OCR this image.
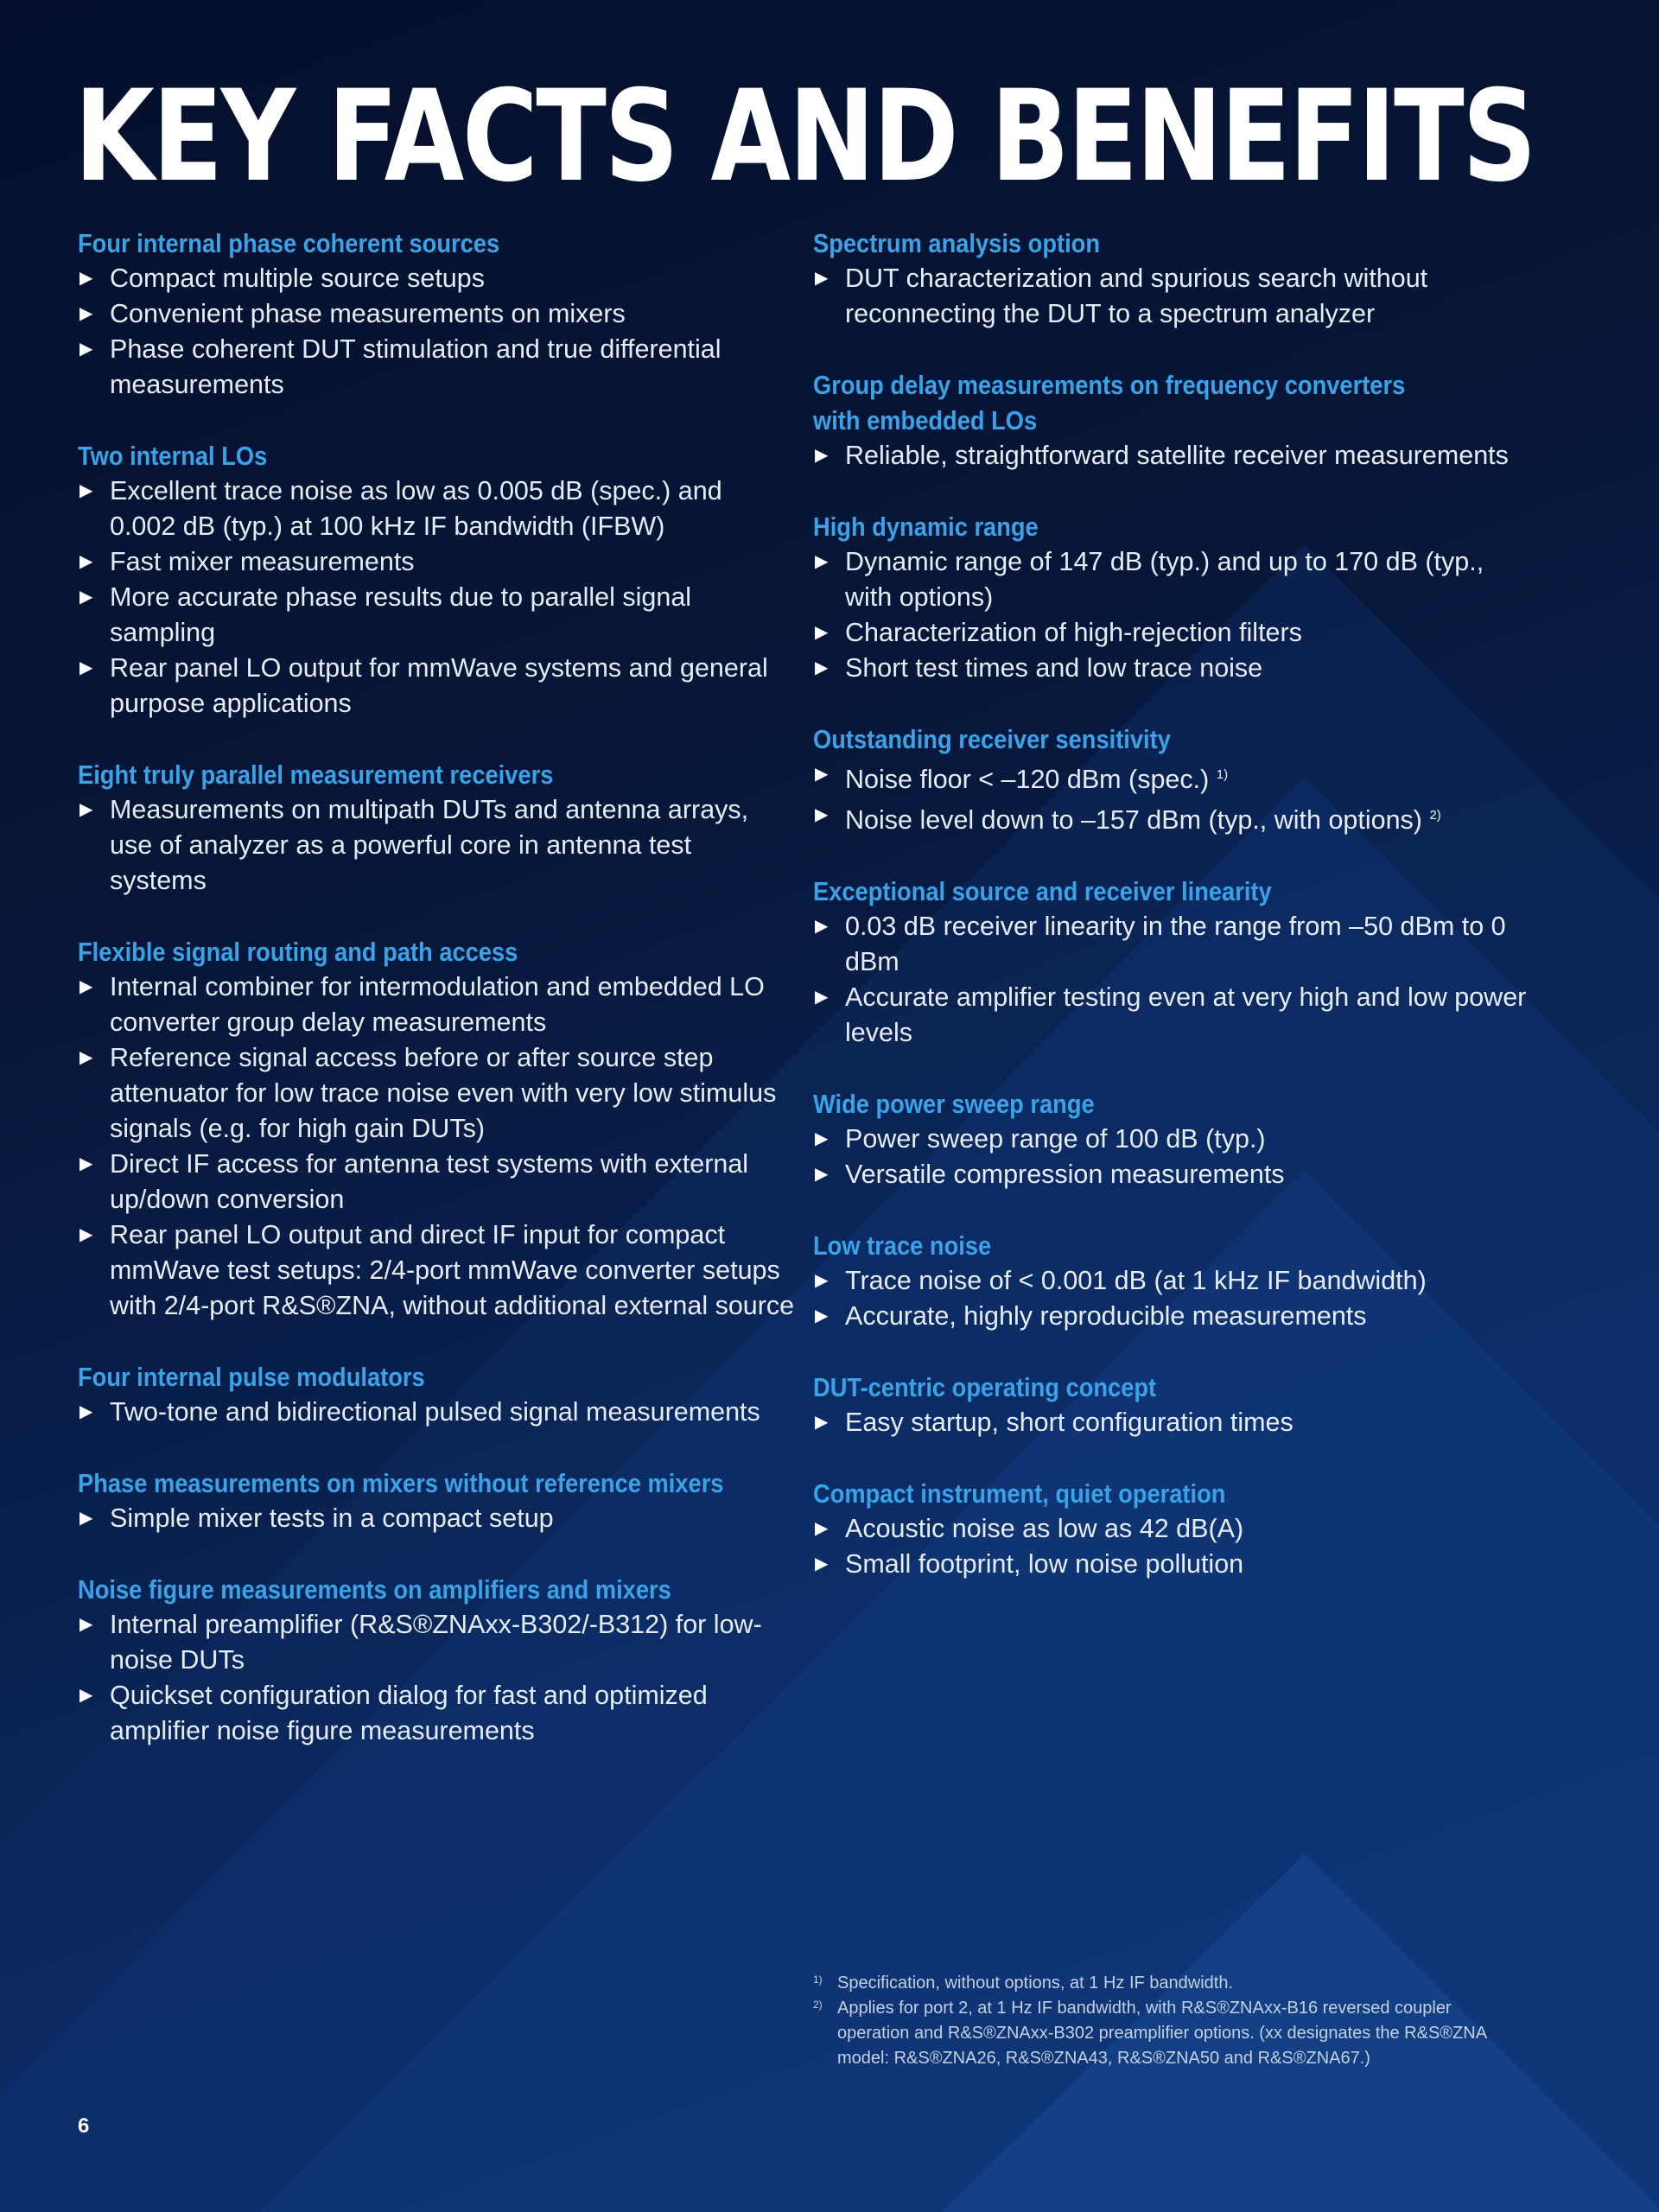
KEY FACTS AND BENEFITS
Four internal phase coherent sources
▶ Compact multiple source setups
▶ Convenient phase measurements on mixers
▶ Phase coherent DUT stimulation and true differential measurements
Two internal LOs
▶ Excellent trace noise as low as 0.005 dB (spec.) and 0.002 dB (typ.) at 100 kHz IF bandwidth (IFBW)
▶ Fast mixer measurements
▶ More accurate phase results due to parallel signal sampling
▶ Rear panel LO output for mmWave systems and general purpose applications
Eight truly parallel measurement receivers
▶ Measurements on multipath DUTs and antenna arrays, use of analyzer as a powerful core in antenna test systems
Flexible signal routing and path access
▶ Internal combiner for intermodulation and embedded LO converter group delay measurements
▶ Reference signal access before or after source step attenuator for low trace noise even with very low stimulus signals (e.g. for high gain DUTs)
▶ Direct IF access for antenna test systems with external up/down conversion
▶ Rear panel LO output and direct IF input for compact mmWave test setups: 2/4-port mmWave converter setups with 2/4-port R&S®ZNA, without additional external source
Four internal pulse modulators
▶ Two-tone and bidirectional pulsed signal measurements
Phase measurements on mixers without reference mixers
▶ Simple mixer tests in a compact setup
Noise figure measurements on amplifiers and mixers
▶ Internal preamplifier (R&S®ZNAxx-B302/-B312) for low-noise DUTs
▶ Quickset configuration dialog for fast and optimized amplifier noise figure measurements
Spectrum analysis option
▶ DUT characterization and spurious search without reconnecting the DUT to a spectrum analyzer
Group delay measurements on frequency converters
with embedded LOs
▶ Reliable, straightforward satellite receiver measurements
High dynamic range
▶ Dynamic range of 147 dB (typ.) and up to 170 dB (typ., with options)
▶ Characterization of high-rejection filters
▶ Short test times and low trace noise
Outstanding receiver sensitivity
▶ Noise floor < –120 dBm (spec.) $^{1)}$
▶ Noise level down to –157 dBm (typ., with options) $^{2)}$
Exceptional source and receiver linearity
▶ 0.03 dB receiver linearity in the range from –50 dBm to 0 dBm
▶ Accurate amplifier testing even at very high and low power levels
Wide power sweep range
▶ Power sweep range of 100 dB (typ.)
▶ Versatile compression measurements
Low trace noise
▶ Trace noise of < 0.001 dB (at 1 kHz IF bandwidth)
▶ Accurate, highly reproducible measurements
DUT-centric operating concept
▶ Easy startup, short configuration times
Compact instrument, quiet operation
▶ Acoustic noise as low as 42 dB(A)
▶ Small footprint, low noise pollution
1) Specification, without options, at 1 Hz IF bandwidth.
2) Applies for port 2, at 1 Hz IF bandwidth, with R&S®ZNAxx-B16 reversed coupler operation and R&S®ZNAxx-B302 preamplifier options. (xx designates the R&S®ZNA model: R&S®ZNA26, R&S®ZNA43, R&S®ZNA50 and R&S®ZNA67.)
6
